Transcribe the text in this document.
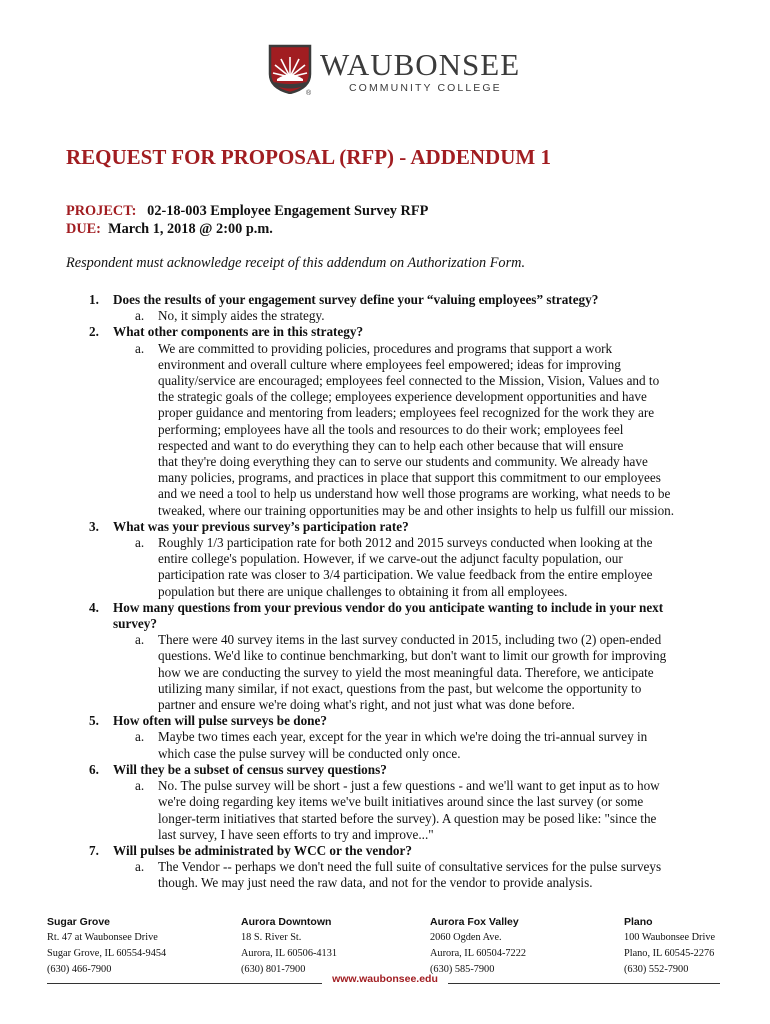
®
WAUBONSEE
COMMUNITY COLLEGE
REQUEST FOR PROPOSAL (RFP) - ADDENDUM 1
PROJECT: 02-18-003 Employee Engagement Survey RFP
DUE: March 1, 2018 @ 2:00 p.m.
Respondent must acknowledge receipt of this addendum on Authorization Form.
1. Does the results of your engagement survey define your “valuing employees” strategy?
a. No, it simply aides the strategy.
2. What other components are in this strategy?
a. We are committed to providing policies, procedures and programs that support a work
environment and overall culture where employees feel empowered; ideas for improving
quality/service are encouraged; employees feel connected to the Mission, Vision, Values and to
the strategic goals of the college; employees experience development opportunities and have
proper guidance and mentoring from leaders; employees feel recognized for the work they are
performing; employees have all the tools and resources to do their work; employees feel
respected and want to do everything they can to help each other because that will ensure
that they're doing everything they can to serve our students and community. We already have
many policies, programs, and practices in place that support this commitment to our employees
and we need a tool to help us understand how well those programs are working, what needs to be
tweaked, where our training opportunities may be and other insights to help us fulfill our mission.
3. What was your previous survey’s participation rate?
a. Roughly 1/3 participation rate for both 2012 and 2015 surveys conducted when looking at the
entire college's population. However, if we carve-out the adjunct faculty population, our
participation rate was closer to 3/4 participation. We value feedback from the entire employee
population but there are unique challenges to obtaining it from all employees.
4. How many questions from your previous vendor do you anticipate wanting to include in your next
survey?
a. There were 40 survey items in the last survey conducted in 2015, including two (2) open-ended
questions. We'd like to continue benchmarking, but don't want to limit our growth for improving
how we are conducting the survey to yield the most meaningful data. Therefore, we anticipate
utilizing many similar, if not exact, questions from the past, but welcome the opportunity to
partner and ensure we're doing what's right, and not just what was done before.
5. How often will pulse surveys be done?
a. Maybe two times each year, except for the year in which we're doing the tri-annual survey in
which case the pulse survey will be conducted only once.
6. Will they be a subset of census survey questions?
a. No. The pulse survey will be short - just a few questions - and we'll want to get input as to how
we're doing regarding key items we've built initiatives around since the last survey (or some
longer-term initiatives that started before the survey). A question may be posed like: "since the
last survey, I have seen efforts to try and improve..."
7. Will pulses be administrated by WCC or the vendor?
a. The Vendor -- perhaps we don't need the full suite of consultative services for the pulse surveys
though. We may just need the raw data, and not for the vendor to provide analysis.
Sugar Grove
Rt. 47 at Waubonsee Drive
Sugar Grove, IL 60554-9454
(630) 466-7900
Aurora Downtown
18 S. River St.
Aurora, IL 60506-4131
(630) 801-7900
Aurora Fox Valley
2060 Ogden Ave.
Aurora, IL 60504-7222
(630) 585-7900
Plano
100 Waubonsee Drive
Plano, IL 60545-2276
(630) 552-7900
www.waubonsee.edu
